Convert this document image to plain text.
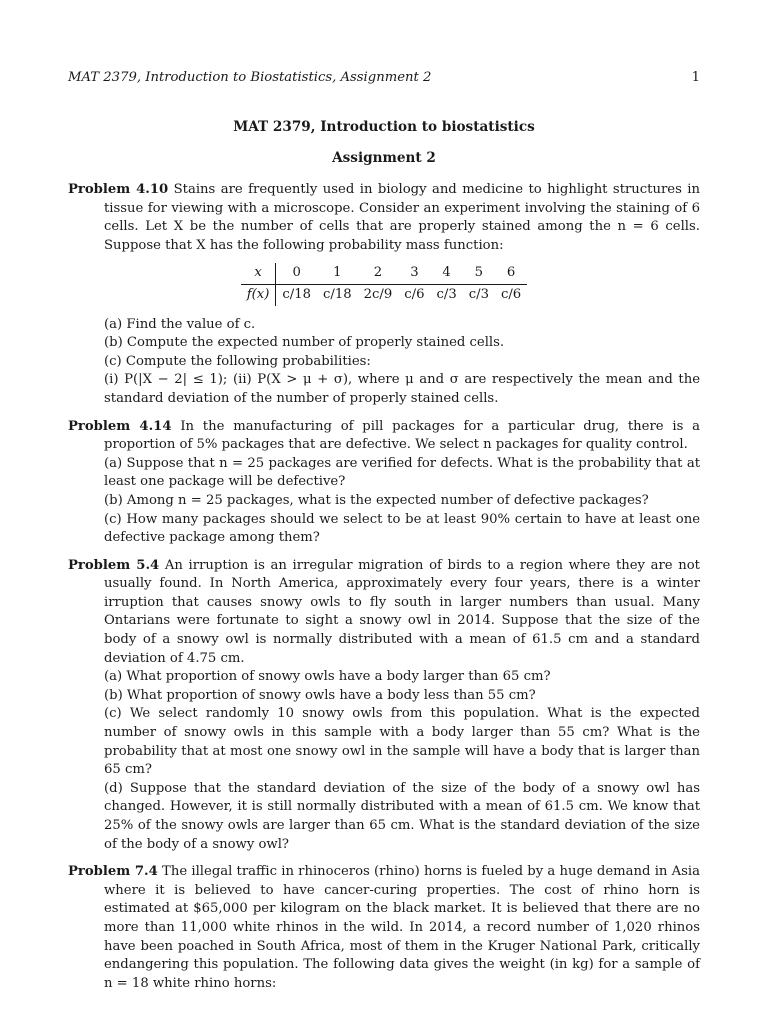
MAT 2379, Introduction to Biostatistics, Assignment 2	1
MAT 2379, Introduction to biostatistics
Assignment 2
Problem 4.10 Stains are frequently used in biology and medicine to highlight structures in tissue for viewing with a microscope. Consider an experiment involving the staining of 6 cells. Let X be the number of cells that are properly stained among the n = 6 cells. Suppose that X has the following probability mass function:
x	0	1	2	3	4	5	6
f(x)	c/18	c/18	2c/9	c/6	c/3	c/3	c/6
(a) Find the value of c.
(b) Compute the expected number of properly stained cells.
(c) Compute the following probabilities:
(i) P(|X − 2| ≤ 1); (ii) P(X > μ + σ), where μ and σ are respectively the mean and the standard deviation of the number of properly stained cells.
Problem 4.14 In the manufacturing of pill packages for a particular drug, there is a proportion of 5% packages that are defective. We select n packages for quality control.
(a) Suppose that n = 25 packages are verified for defects. What is the probability that at least one package will be defective?
(b) Among n = 25 packages, what is the expected number of defective packages?
(c) How many packages should we select to be at least 90% certain to have at least one defective package among them?
Problem 5.4 An irruption is an irregular migration of birds to a region where they are not usually found. In North America, approximately every four years, there is a winter irruption that causes snowy owls to fly south in larger numbers than usual. Many Ontarians were fortunate to sight a snowy owl in 2014. Suppose that the size of the body of a snowy owl is normally distributed with a mean of 61.5 cm and a standard deviation of 4.75 cm.
(a) What proportion of snowy owls have a body larger than 65 cm?
(b) What proportion of snowy owls have a body less than 55 cm?
(c) We select randomly 10 snowy owls from this population. What is the expected number of snowy owls in this sample with a body larger than 55 cm? What is the probability that at most one snowy owl in the sample will have a body that is larger than 65 cm?
(d) Suppose that the standard deviation of the size of the body of a snowy owl has changed. However, it is still normally distributed with a mean of 61.5 cm. We know that 25% of the snowy owls are larger than 65 cm. What is the standard deviation of the size of the body of a snowy owl?
Problem 7.4 The illegal traffic in rhinoceros (rhino) horns is fueled by a huge demand in Asia where it is believed to have cancer-curing properties. The cost of rhino horn is estimated at $65,000 per kilogram on the black market. It is believed that there are no more than 11,000 white rhinos in the wild. In 2014, a record number of 1,020 rhinos have been poached in South Africa, most of them in the Kruger National Park, critically endangering this population. The following data gives the weight (in kg) for a sample of n = 18 white rhino horns:
